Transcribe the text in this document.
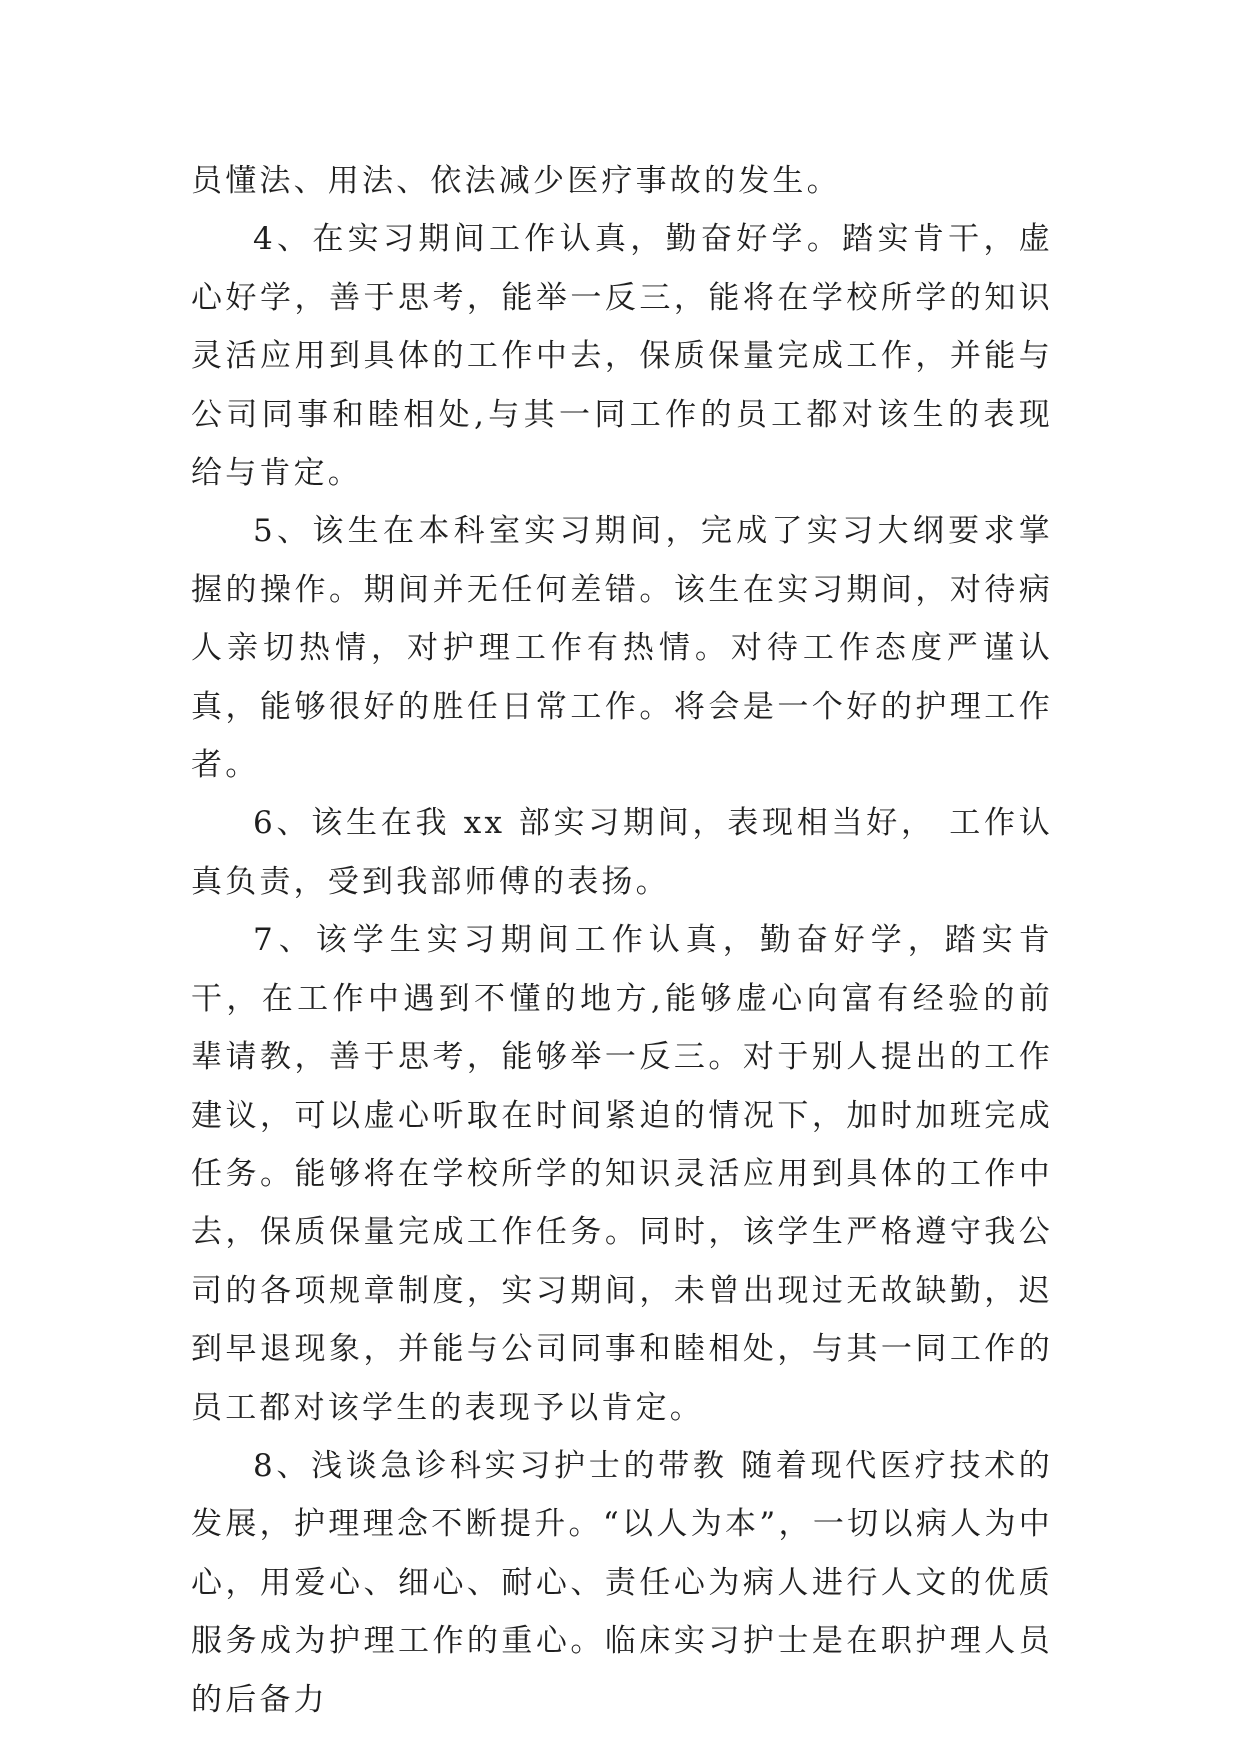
员懂法、用法、依法减少医疗事故的发生。

4、在实习期间工作认真，勤奋好学。踏实肯干，虚心好学，善于思考，能举一反三，能将在学校所学的知识灵活应用到具体的工作中去，保质保量完成工作，并能与公司同事和睦相处,与其一同工作的员工都对该生的表现给与肯定。

5、该生在本科室实习期间，完成了实习大纲要求掌握的操作。期间并无任何差错。该生在实习期间，对待病人亲切热情，对护理工作有热情。对待工作态度严谨认真，能够很好的胜任日常工作。将会是一个好的护理工作者。

6、该生在我 xx 部实习期间，表现相当好， 工作认真负责，受到我部师傅的表扬。

7、该学生实习期间工作认真，勤奋好学，踏实肯干，在工作中遇到不懂的地方,能够虚心向富有经验的前辈请教，善于思考，能够举一反三。对于别人提出的工作建议，可以虚心听取在时间紧迫的情况下，加时加班完成任务。能够将在学校所学的知识灵活应用到具体的工作中去，保质保量完成工作任务。同时，该学生严格遵守我公司的各项规章制度，实习期间，未曾出现过无故缺勤，迟到早退现象，并能与公司同事和睦相处，与其一同工作的员工都对该学生的表现予以肯定。

8、浅谈急诊科实习护士的带教 随着现代医疗技术的发展，护理理念不断提升。“以人为本”，一切以病人为中心，用爱心、细心、耐心、责任心为病人进行人文的优质服务成为护理工作的重心。临床实习护士是在职护理人员的后备力
